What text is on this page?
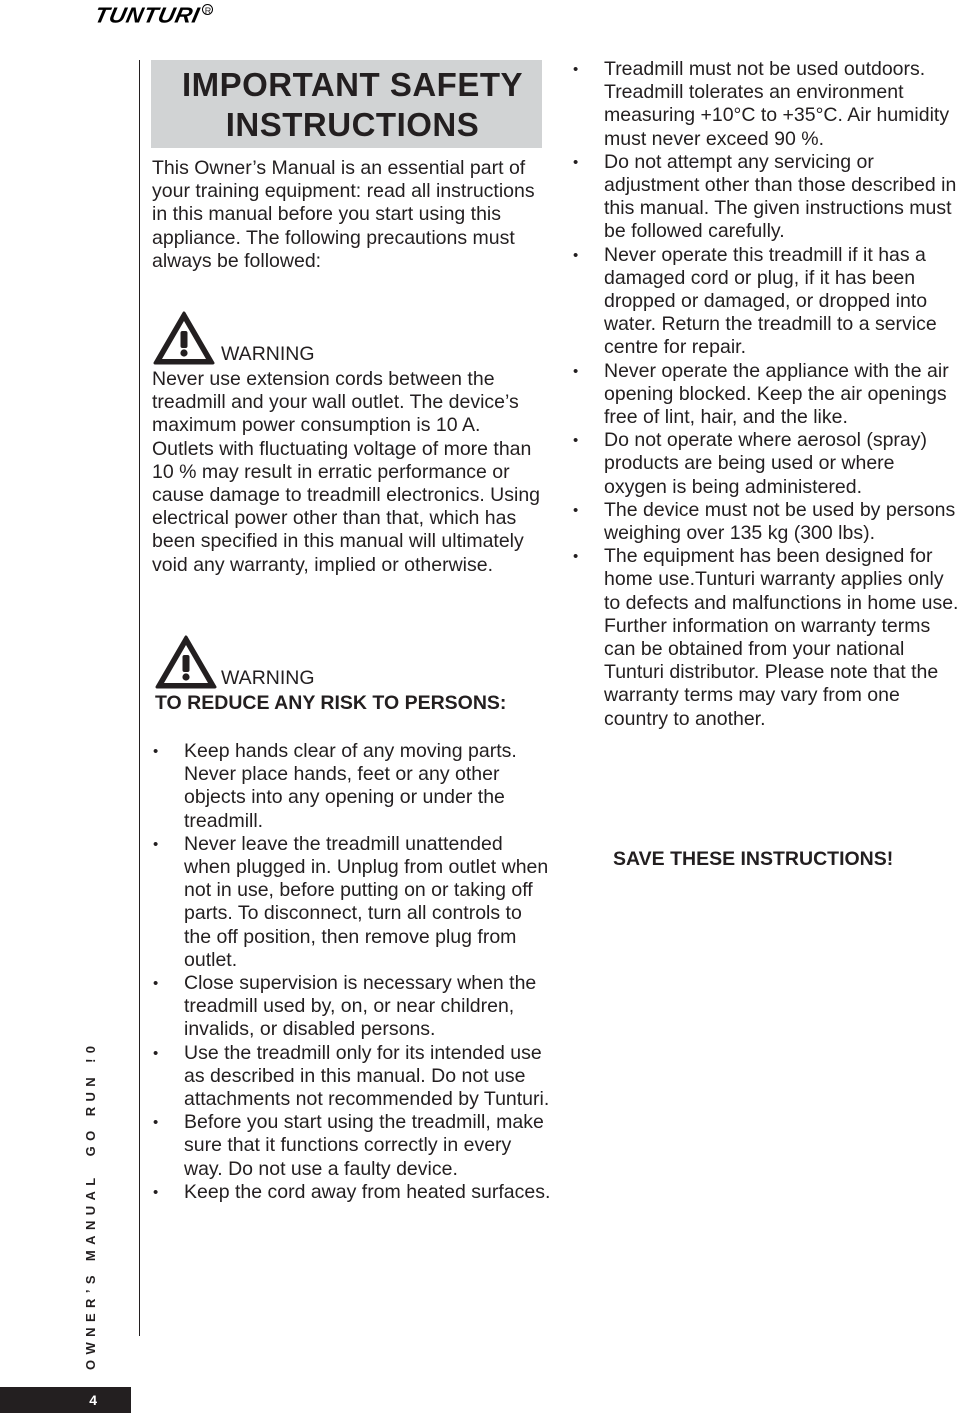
TUNTURI R
OWNER’S MANUAL
GO RUN !0
4
IMPORTANT SAFETY
INSTRUCTIONS

This Owner’s Manual is an essential part of your training equipment: read all instructions in this manual before you start using this appliance. The following precautions must always be followed:

WARNING

Never use extension cords between the treadmill and your wall outlet. The device’s maximum power consumption is 10 A. Outlets with fluctuating voltage of more than 10 % may result in erratic performance or cause damage to treadmill electronics. Using electrical power other than that, which has been specified in this manual will ultimately void any warranty, implied or otherwise.

WARNING
TO REDUCE ANY RISK TO PERSONS:
• Keep hands clear of any moving parts. Never place hands, feet or any other objects into any opening or under the treadmill.
• Never leave the treadmill unattended when plugged in. Unplug from outlet when not in use, before putting on or taking off parts. To disconnect, turn all controls to the off position, then remove plug from outlet.
• Close supervision is necessary when the treadmill used by, on, or near children, invalids, or disabled persons.
• Use the treadmill only for its intended use as described in this manual. Do not use attachments not recommended by Tunturi.
• Before you start using the treadmill, make sure that it functions correctly in every way. Do not use a faulty device.
• Keep the cord away from heated surfaces.
• Treadmill must not be used outdoors. Treadmill tolerates an environment measuring +10°C to +35°C. Air humidity must never exceed 90 %.
• Do not attempt any servicing or adjustment other than those described in this manual. The given instructions must be followed carefully.
• Never operate this treadmill if it has a damaged cord or plug, if it has been dropped or damaged, or dropped into water. Return the treadmill to a service centre for repair.
• Never operate the appliance with the air opening blocked. Keep the air openings free of lint, hair, and the like.
• Do not operate where aerosol (spray) products are being used or where oxygen is being administered.
• The device must not be used by persons weighing over 135 kg (300 lbs).
• The equipment has been designed for home use.Tunturi warranty applies only to defects and malfunctions in home use. Further information on warranty terms can be obtained from your national Tunturi distributor. Please note that the warranty terms may vary from one country to another.
SAVE THESE INSTRUCTIONS!
